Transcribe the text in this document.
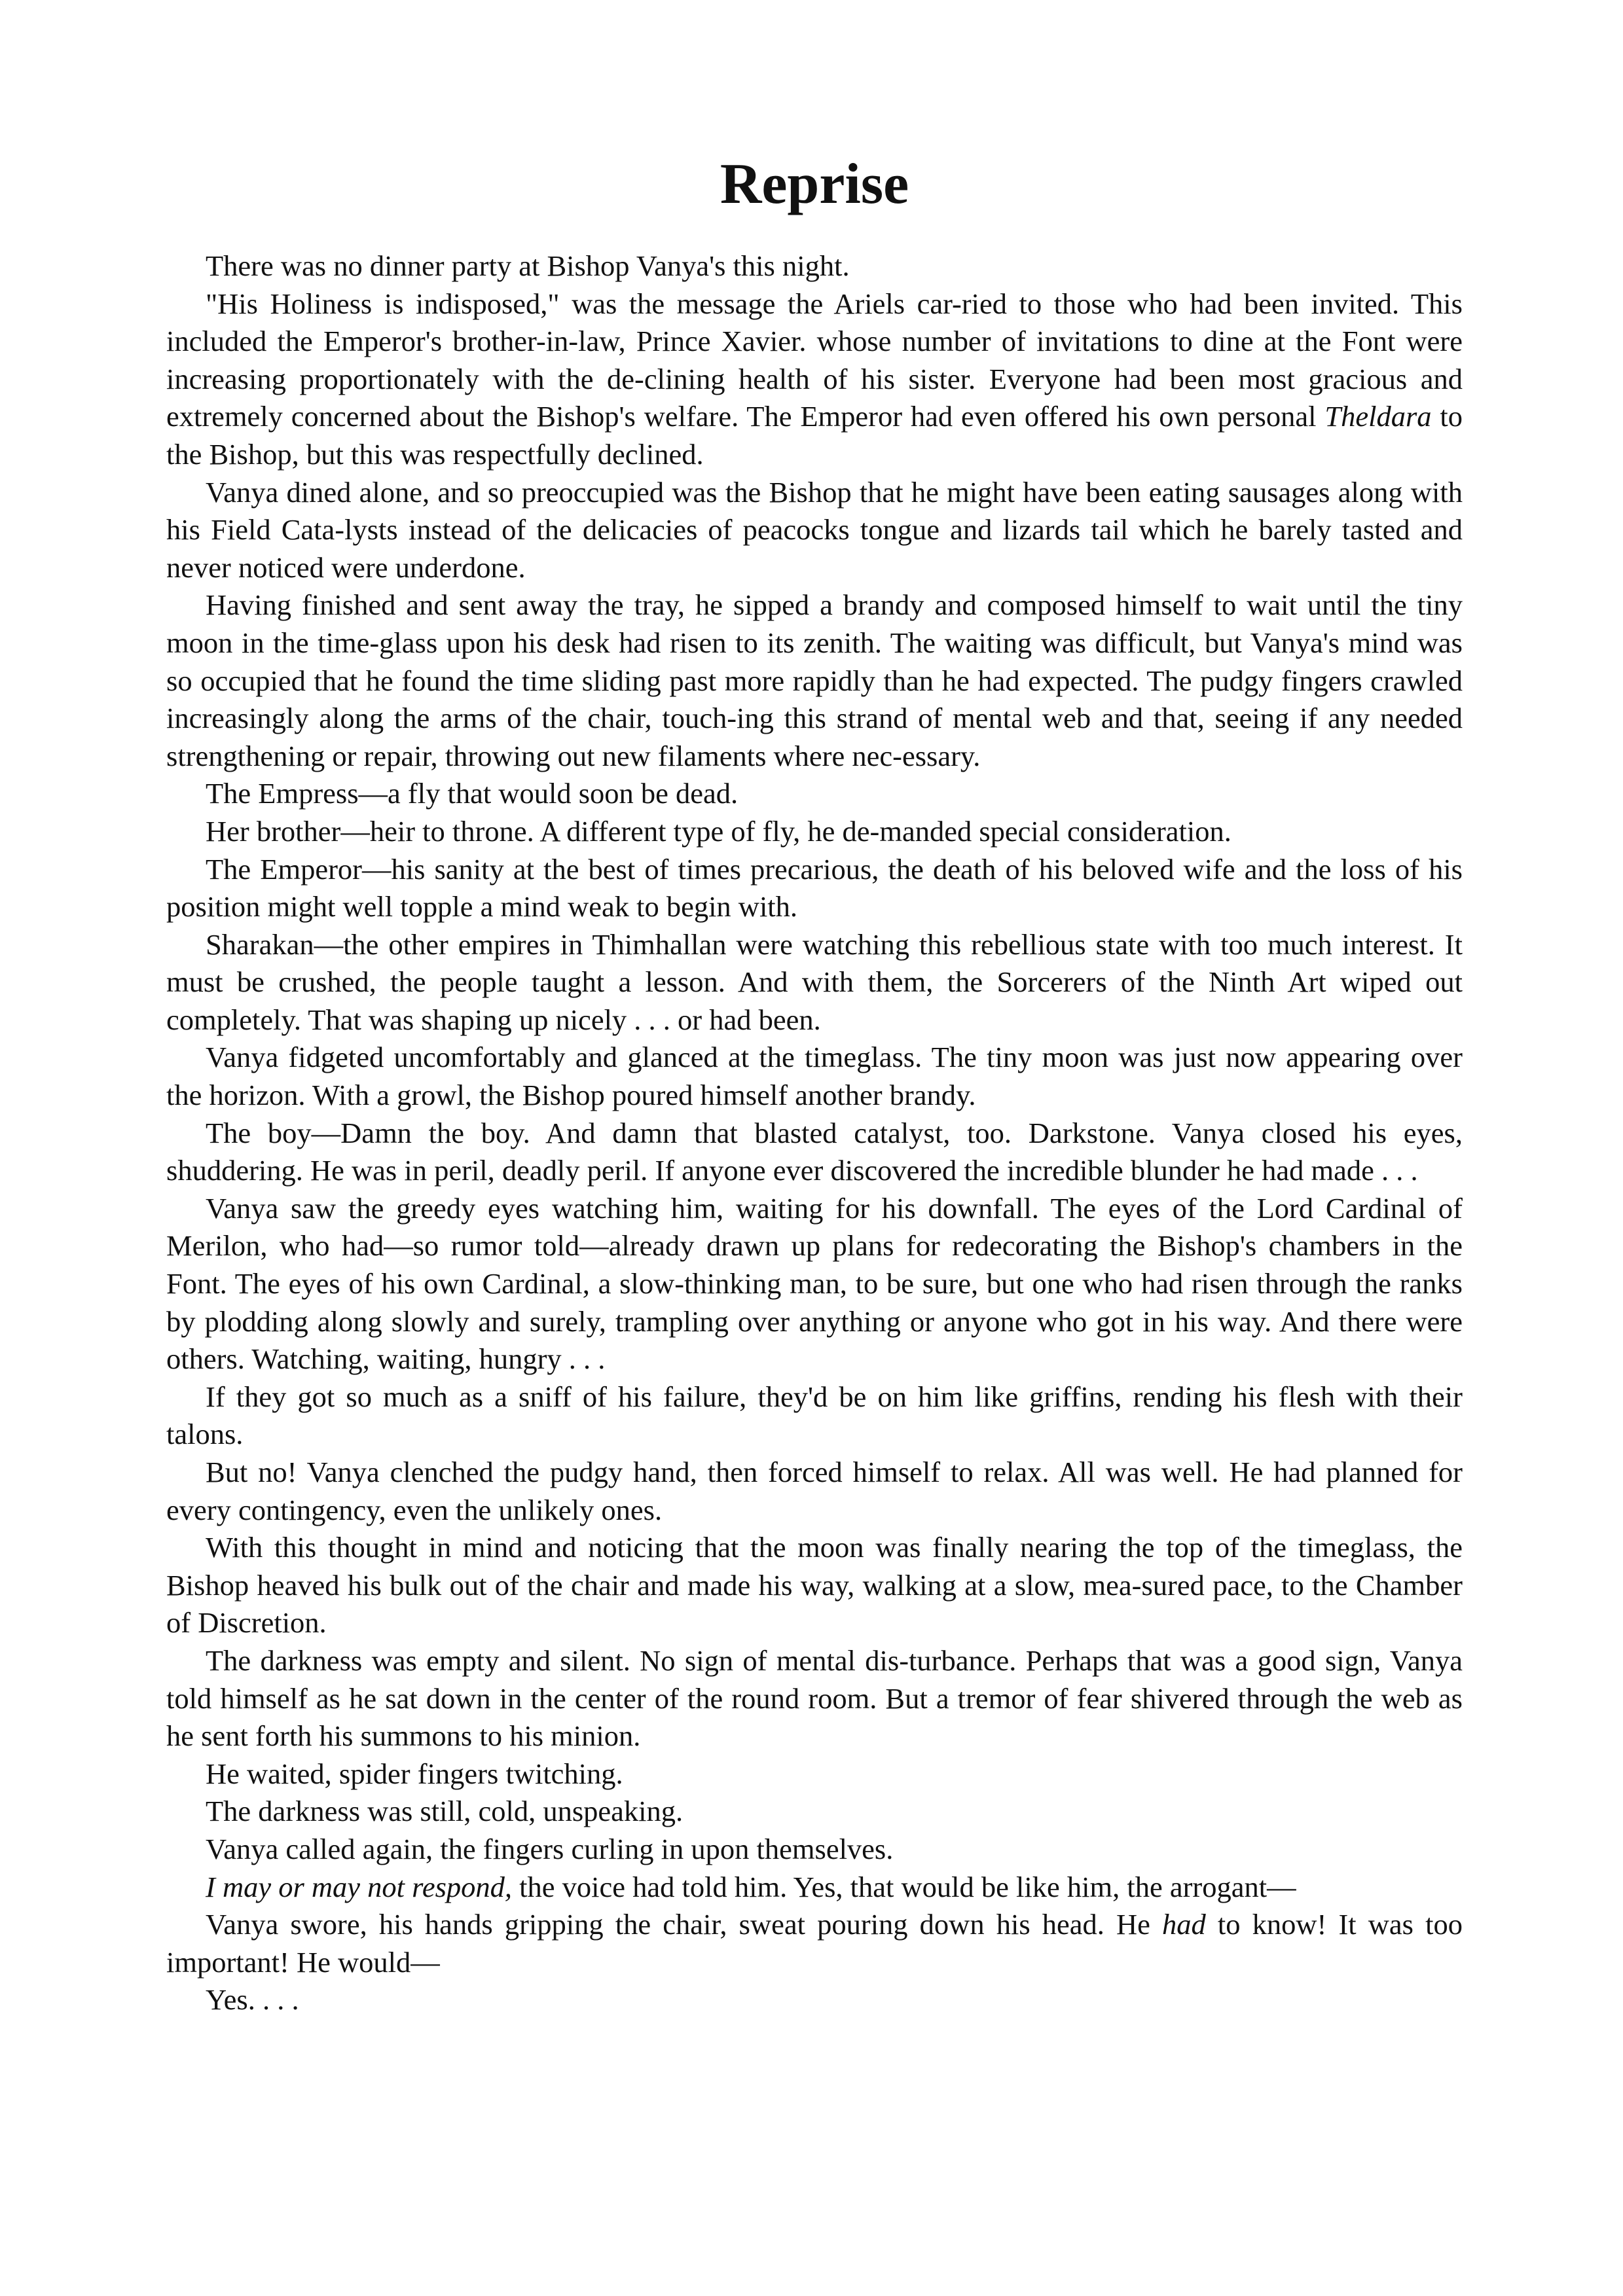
Reprise

There was no dinner party at Bishop Vanya's this night.

"His Holiness is indisposed," was the message the Ariels car-ried to those who had been invited. This included the Emperor's brother-in-law, Prince Xavier. whose number of invitations to dine at the Font were increasing proportionately with the de-clining health of his sister. Everyone had been most gracious and extremely concerned about the Bishop's welfare. The Emperor had even offered his own personal Theldara to the Bishop, but this was respectfully declined.

Vanya dined alone, and so preoccupied was the Bishop that he might have been eating sausages along with his Field Cata-lysts instead of the delicacies of peacocks tongue and lizards tail which he barely tasted and never noticed were underdone.

Having finished and sent away the tray, he sipped a brandy and composed himself to wait until the tiny moon in the time-glass upon his desk had risen to its zenith. The waiting was difficult, but Vanya's mind was so occupied that he found the time sliding past more rapidly than he had expected. The pudgy fingers crawled increasingly along the arms of the chair, touch-ing this strand of mental web and that, seeing if any needed strengthening or repair, throwing out new filaments where nec-essary.

The Empress—a fly that would soon be dead.

Her brother—heir to throne. A different type of fly, he de-manded special consideration.

The Emperor—his sanity at the best of times precarious, the death of his beloved wife and the loss of his position might well topple a mind weak to begin with.

Sharakan—the other empires in Thimhallan were watching this rebellious state with too much interest. It must be crushed, the people taught a lesson. And with them, the Sorcerers of the Ninth Art wiped out completely. That was shaping up nicely . . . or had been.

Vanya fidgeted uncomfortably and glanced at the timeglass. The tiny moon was just now appearing over the horizon. With a growl, the Bishop poured himself another brandy.

The boy—Damn the boy. And damn that blasted catalyst, too. Darkstone. Vanya closed his eyes, shuddering. He was in peril, deadly peril. If anyone ever discovered the incredible blunder he had made . . .

Vanya saw the greedy eyes watching him, waiting for his downfall. The eyes of the Lord Cardinal of Merilon, who had—so rumor told—already drawn up plans for redecorating the Bishop's chambers in the Font. The eyes of his own Cardinal, a slow-thinking man, to be sure, but one who had risen through the ranks by plodding along slowly and surely, trampling over anything or anyone who got in his way. And there were others. Watching, waiting, hungry . . .

If they got so much as a sniff of his failure, they'd be on him like griffins, rending his flesh with their talons.

But no! Vanya clenched the pudgy hand, then forced himself to relax. All was well. He had planned for every contingency, even the unlikely ones.

With this thought in mind and noticing that the moon was finally nearing the top of the timeglass, the Bishop heaved his bulk out of the chair and made his way, walking at a slow, mea-sured pace, to the Chamber of Discretion.

The darkness was empty and silent. No sign of mental dis-turbance. Perhaps that was a good sign, Vanya told himself as he sat down in the center of the round room. But a tremor of fear shivered through the web as he sent forth his summons to his minion.

He waited, spider fingers twitching.

The darkness was still, cold, unspeaking.

Vanya called again, the fingers curling in upon themselves.

I may or may not respond, the voice had told him. Yes, that would be like him, the arrogant—

Vanya swore, his hands gripping the chair, sweat pouring down his head. He had to know! It was too important! He would—

Yes. . . .
